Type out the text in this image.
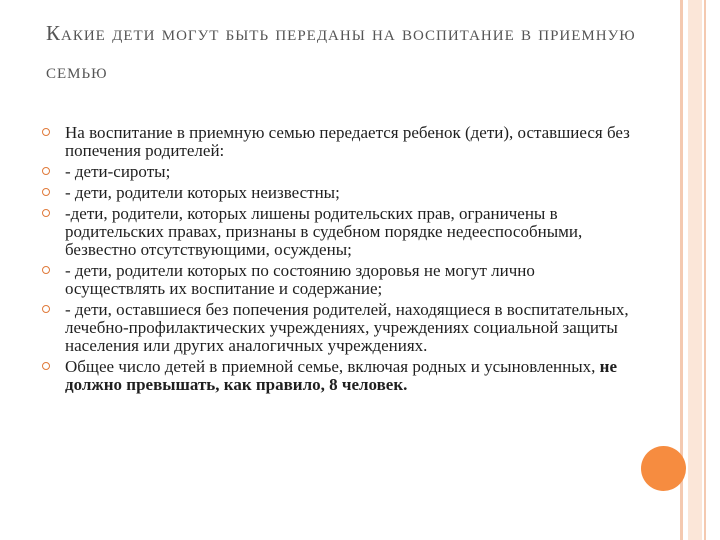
Какие дети могут быть переданы на воспитание в приемную семью
На воспитание в приемную семью передается ребенок (дети), оставшиеся без попечения родителей:
- дети-сироты;
- дети, родители которых неизвестны;
-дети, родители, которых лишены родительских прав, ограничены в родительских правах, признаны в судебном порядке недееспособными, безвестно отсутствующими, осуждены;
- дети, родители которых по состоянию здоровья не могут лично осуществлять их воспитание и содержание;
- дети, оставшиеся без попечения родителей, находящиеся в воспитательных, лечебно-профилактических учреждениях, учреждениях социальной защиты населения или других аналогичных учреждениях.
Общее число детей в приемной семье, включая родных и усыновленных, не должно превышать, как правило, 8 человек.
